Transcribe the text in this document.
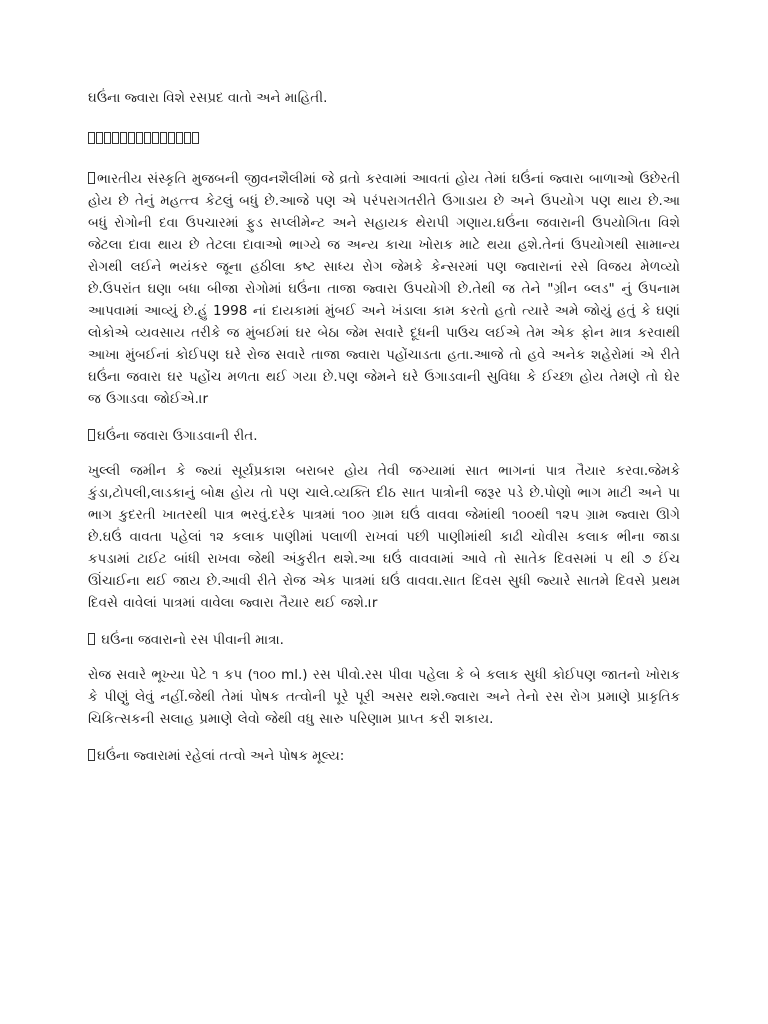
ઘઉંના જ્વારા વિશે રસપ્રદ વાતો અને માહિતી.
ભારતીય સંસ્કૃતિ મુજબની જીવનશૈલીમાં જે વ્રતો કરવામાં આવતાં હોય તેમાં ઘઉંનાં જ્વારા બાળાઓ ઉછેરતી હોય છે તેનું મહત્ત્વ કેટલું બધું છે.આજે પણ એ પરંપરાગતરીતે ઉગાડાય છે અને ઉપયોગ પણ થાય છે.આ બધું રોગોની દવા ઉપચારમાં ફુડ સપ્લીમેન્ટ અને સહાયક થેરાપી ગણાય.ઘઉંના જવારાની ઉપયોગિતા વિશે જેટલા દાવા થાય છે તેટલા દાવાઓ ભાગ્યે જ અન્ય કાચા ખોરાક માટે થયા હશે.તેનાં ઉપયોગથી સામાન્ય રોગથી લઈને ભયંકર જૂના હઠીલા કષ્ટ સાધ્ય રોગ જેમકે કેન્સરમાં પણ જ્વારાનાં રસે વિજય મેળવ્યો છે.ઉપરાંત ઘણા બધા બીજા રોગોમાં ઘઉંના તાજા જ્વારા ઉપયોગી છે.તેથી જ તેને "ગ્રીન બ્લડ" નું ઉપનામ આપવામાં આવ્યું છે.હું 1998 નાં દાયકામાં મુંબઈ અને ખંડાલા કામ કરતો હતો ત્યારે અમે જોયું હતું કે ઘણાં લોકોએ વ્યવસાય તરીકે જ મુંબઈમાં ઘર બેઠા જેમ સવારે દૂધની પાઉચ લઈએ તેમ એક ફોન માત્ર કરવાથી આખા મુંબઈનાં કોઈપણ ઘરે રોજ સવારે તાજા જ્વારા પહોંચાડતા હતા.આજે તો હવે અનેક શહેરોમાં એ રીતે ઘઉંના જવારા ઘર પહોંચ મળતા થઈ ગયા છે.પણ જેમને ઘરે ઉગાડવાની સુવિધા કે ઈચ્છા હોય તેમણે તો ઘેર જ ઉગાડવા જોઈએ.।r
ઘઉંના જવારા ઉગાડવાની રીત.
ખુલ્લી જમીન કે જ્યાં સૂર્યપ્રકાશ બરાબર હોય તેવી જગ્યામાં સાત ભાગનાં પાત્ર તૈયાર કરવા.જેમકે કુંડા,ટોપલી,લાડકાનું બોક્ષ હોય તો પણ ચાલે.વ્યક્તિ દીઠ સાત પાત્રોની જરૂર પડે છે.પોણો ભાગ માટી અને પા ભાગ કુદરતી ખાતરથી પાત્ર ભરવું.દરેક પાત્રમાં ૧૦૦ ગ્રામ ઘઉં વાવવા જેમાંથી ૧૦૦થી ૧૨૫ ગ્રામ જ્વારા ઊગે છે.ઘઉં વાવતા પહેલાં ૧૨ કલાક પાણીમાં પલાળી રાખવાં પછી પાણીમાંથી કાઢી ચોવીસ કલાક ભીના જાડા કપડામાં ટાઈટ બાંધી રાખવા જેથી અંકુરીત થશે.આ ઘઉં વાવવામાં આવે તો સાતેક દિવસમાં ૫ થી ૭ ઈંચ ઊંચાઈના થઈ જાય છે.આવી રીતે રોજ એક પાત્રમાં ઘઉં વાવવા.સાત દિવસ સુધી જ્યારે સાતમે દિવસે પ્રથમ દિવસે વાવેલાં પાત્રમાં વાવેલા જ્વારા તૈયાર થઈ જશે.।r
ઘઉંના જવારાનો રસ પીવાની માત્રા.
રોજ સવારે ભૂખ્યા પેટે ૧ કપ (૧૦૦ ml.) રસ પીવો.રસ પીવા પહેલા કે બે કલાક સુધી કોઈપણ જાતનો ખોરાક કે પીણું લેવું નહીં.જેથી તેમાં પોષક તત્વોની પૂરે પૂરી અસર થશે.જ્વારા અને તેનો રસ રોગ પ્રમાણે પ્રાકૃતિક ચિકિત્સકની સલાહ પ્રમાણે લેવો જેથી વધુ સારુ પરિણામ પ્રાપ્ત કરી શકાય.
ઘઉંના જ્વારામાં રહેલાં તત્વો અને પોષક મૂલ્ય:
